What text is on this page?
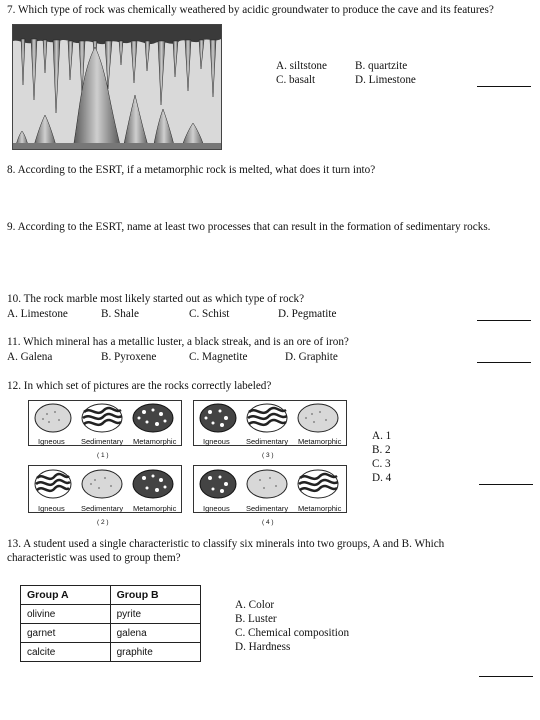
7. Which type of rock was chemically weathered by acidic groundwater to produce the cave and its features?
A. siltstone	B. quartzite
C. basalt	D. Limestone
8. According to the ESRT, if a metamorphic rock is melted, what does it turn into?
9. According to the ESRT, name at least two processes that can result in the formation of sedimentary rocks.
10. The rock marble most likely started out as which type of rock?
A. Limestone	B. Shale	C. Schist	D. Pegmatite
11. Which mineral has a metallic luster, a black streak, and is an ore of iron?
A. Galena	B. Pyroxene	C. Magnetite	D. Graphite
12. In which set of pictures are the rocks correctly labeled?
Igneous Sedimentary Metamorphic
( 1 )
Igneous Sedimentary Metamorphic
( 3 )
Igneous Sedimentary Metamorphic
( 2 )
Igneous Sedimentary Metamorphic
( 4 )
A. 1
B. 2
C. 3
D. 4
13. A student used a single characteristic to classify six minerals into two groups, A and B. Which
characteristic was used to group them?
Group A	Group B
olivine	pyrite
garnet	galena
calcite	graphite
A. Color
B. Luster
C. Chemical composition
D. Hardness
